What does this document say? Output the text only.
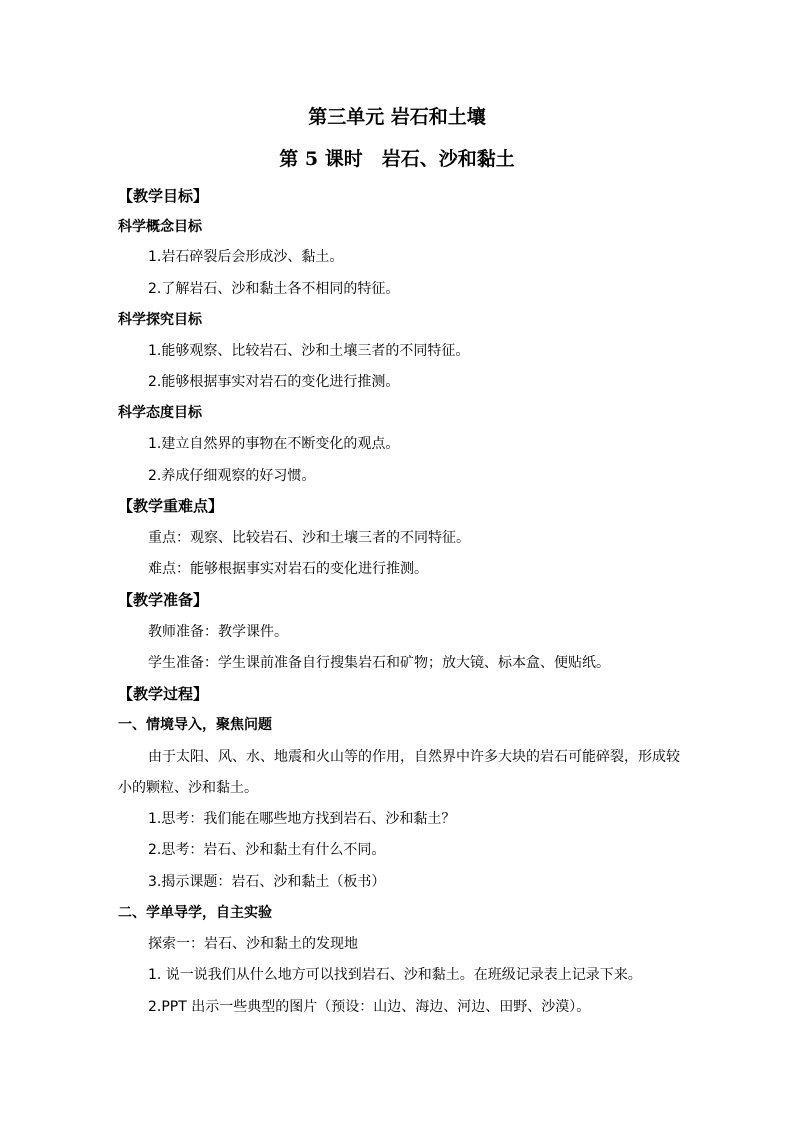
第三单元 岩石和土壤
第 5 课时　岩石、沙和黏土
【教学目标】
科学概念目标
1.岩石碎裂后会形成沙、黏土。
2.了解岩石、沙和黏土各不相同的特征。
科学探究目标
1.能够观察、比较岩石、沙和土壤三者的不同特征。
2.能够根据事实对岩石的变化进行推测。
科学态度目标
1.建立自然界的事物在不断变化的观点。
2.养成仔细观察的好习惯。
【教学重难点】
重点：观察、比较岩石、沙和土壤三者的不同特征。
难点：能够根据事实对岩石的变化进行推测。
【教学准备】
教师准备：教学课件。
学生准备：学生课前准备自行搜集岩石和矿物；放大镜、标本盒、便贴纸。
【教学过程】
一、情境导入，聚焦问题
由于太阳、风、水、地震和火山等的作用，自然界中许多大块的岩石可能碎裂，形成较
小的颗粒、沙和黏土。
1.思考：我们能在哪些地方找到岩石、沙和黏土？
2.思考：岩石、沙和黏土有什么不同。
3.揭示课题：岩石、沙和黏土（板书）
二、学单导学，自主实验
探索一：岩石、沙和黏土的发现地
1. 说一说我们从什么地方可以找到岩石、沙和黏土。在班级记录表上记录下来。
2.PPT 出示一些典型的图片（预设：山边、海边、河边、田野、沙漠）。
